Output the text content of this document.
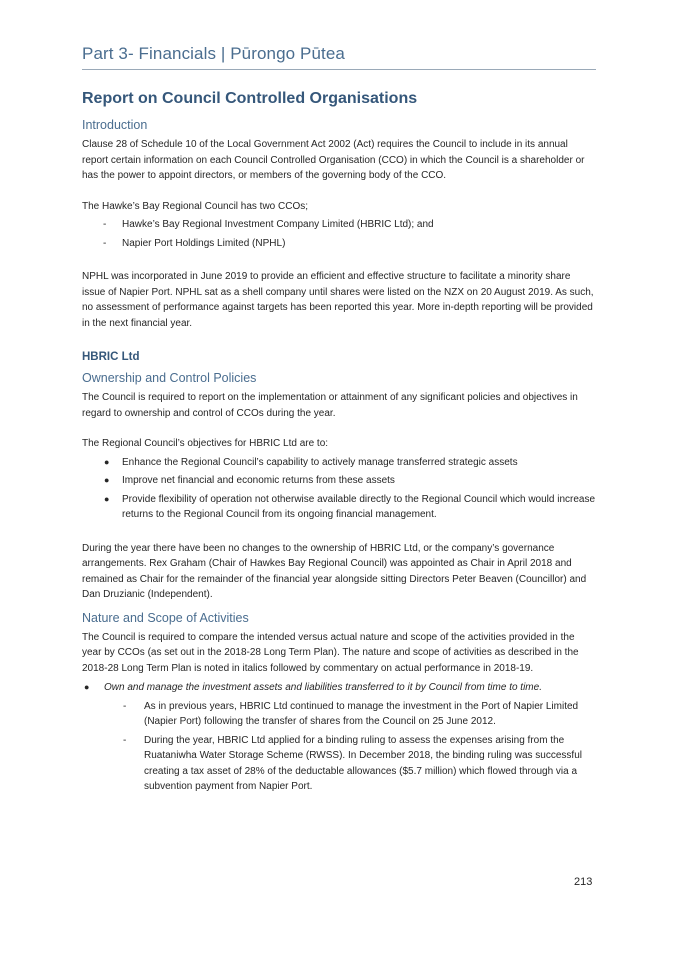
Part 3- Financials | Pūrongo Pūtea
Report on Council Controlled Organisations
Introduction

Clause 28 of Schedule 10 of the Local Government Act 2002 (Act) requires the Council to include in its annual report certain information on each Council Controlled Organisation (CCO) in which the Council is a shareholder or has the power to appoint directors, or members of the governing body of the CCO.

The Hawke’s Bay Regional Council has two CCOs;

- Hawke’s Bay Regional Investment Company Limited (HBRIC Ltd); and
- Napier Port Holdings Limited (NPHL)

NPHL was incorporated in June 2019 to provide an efficient and effective structure to facilitate a minority share issue of Napier Port. NPHL sat as a shell company until shares were listed on the NZX on 20 August 2019. As such, no assessment of performance against targets has been reported this year. More in-depth reporting will be provided in the next financial year.

HBRIC Ltd
Ownership and Control Policies

The Council is required to report on the implementation or attainment of any significant policies and objectives in regard to ownership and control of CCOs during the year.

The Regional Council’s objectives for HBRIC Ltd are to:

● Enhance the Regional Council’s capability to actively manage transferred strategic assets
● Improve net financial and economic returns from these assets
● Provide flexibility of operation not otherwise available directly to the Regional Council which would increase returns to the Regional Council from its ongoing financial management.

During the year there have been no changes to the ownership of HBRIC Ltd, or the company’s governance arrangements. Rex Graham (Chair of Hawkes Bay Regional Council) was appointed as Chair in April 2018 and remained as Chair for the remainder of the financial year alongside sitting Directors Peter Beaven (Councillor) and Dan Druzianic (Independent).

Nature and Scope of Activities

The Council is required to compare the intended versus actual nature and scope of the activities provided in the year by CCOs (as set out in the 2018-28 Long Term Plan). The nature and scope of activities as described in the 2018-28 Long Term Plan is noted in italics followed by commentary on actual performance in 2018-19.

● Own and manage the investment assets and liabilities transferred to it by Council from time to time.
- As in previous years, HBRIC Ltd continued to manage the investment in the Port of Napier Limited (Napier Port) following the transfer of shares from the Council on 25 June 2012.
- During the year, HBRIC Ltd applied for a binding ruling to assess the expenses arising from the Ruataniwha Water Storage Scheme (RWSS). In December 2018, the binding ruling was successful creating a tax asset of 28% of the deductable allowances ($5.7 million) which flowed through via a subvention payment from Napier Port.
213
